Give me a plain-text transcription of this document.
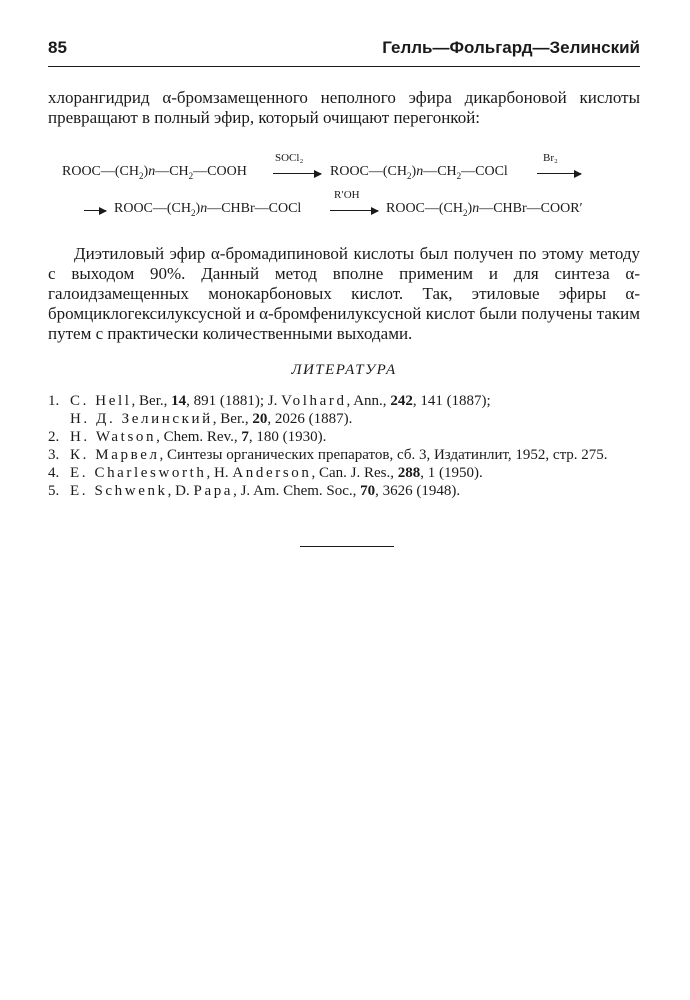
85	Гелль—Фольгард—Зелинский
хлорангидрид α-бромзамещенного неполного эфира дикарбоновой кислоты превращают в полный эфир, который очищают перегонкой:
$ROOC—(CH_2)n—CH_2—COOH$
SOCl₂
→ $ROOC—(CH_2)n—CH_2—COCl$
Br₂
→ $ROOC—(CH_2)n—CHBr—COCl$
R′OH
→ $ROOC—(CH_2)n—CHBr—COOR'$
Диэтиловый эфир α-бромадипиновой кислоты был получен по этому методу с выходом 90%. Данный метод вполне применим и для синтеза α-галоидзамещенных монокарбоновых кислот. Так, этиловые эфиры α-бромциклогексилуксусной и α-бромфенилуксусной кислот были получены таким путем с практически количественными выходами.
ЛИТЕРАТУРА
1. C. Hell, Ber., 14, 891 (1881); J. Volhard, Ann., 242, 141 (1887);
Н. Д. Зелинский, Ber., 20, 2026 (1887).
2. H. Watson, Chem. Rev., 7, 180 (1930).
3. К. Марвел, Синтезы органических препаратов, сб. 3, Издатинлит, 1952, стр. 275.
4. E. Charlesworth, H. Anderson, Can. J. Res., 288, 1 (1950).
5. E. Schwenk, D. Papa, J. Am. Chem. Soc., 70, 3626 (1948).
